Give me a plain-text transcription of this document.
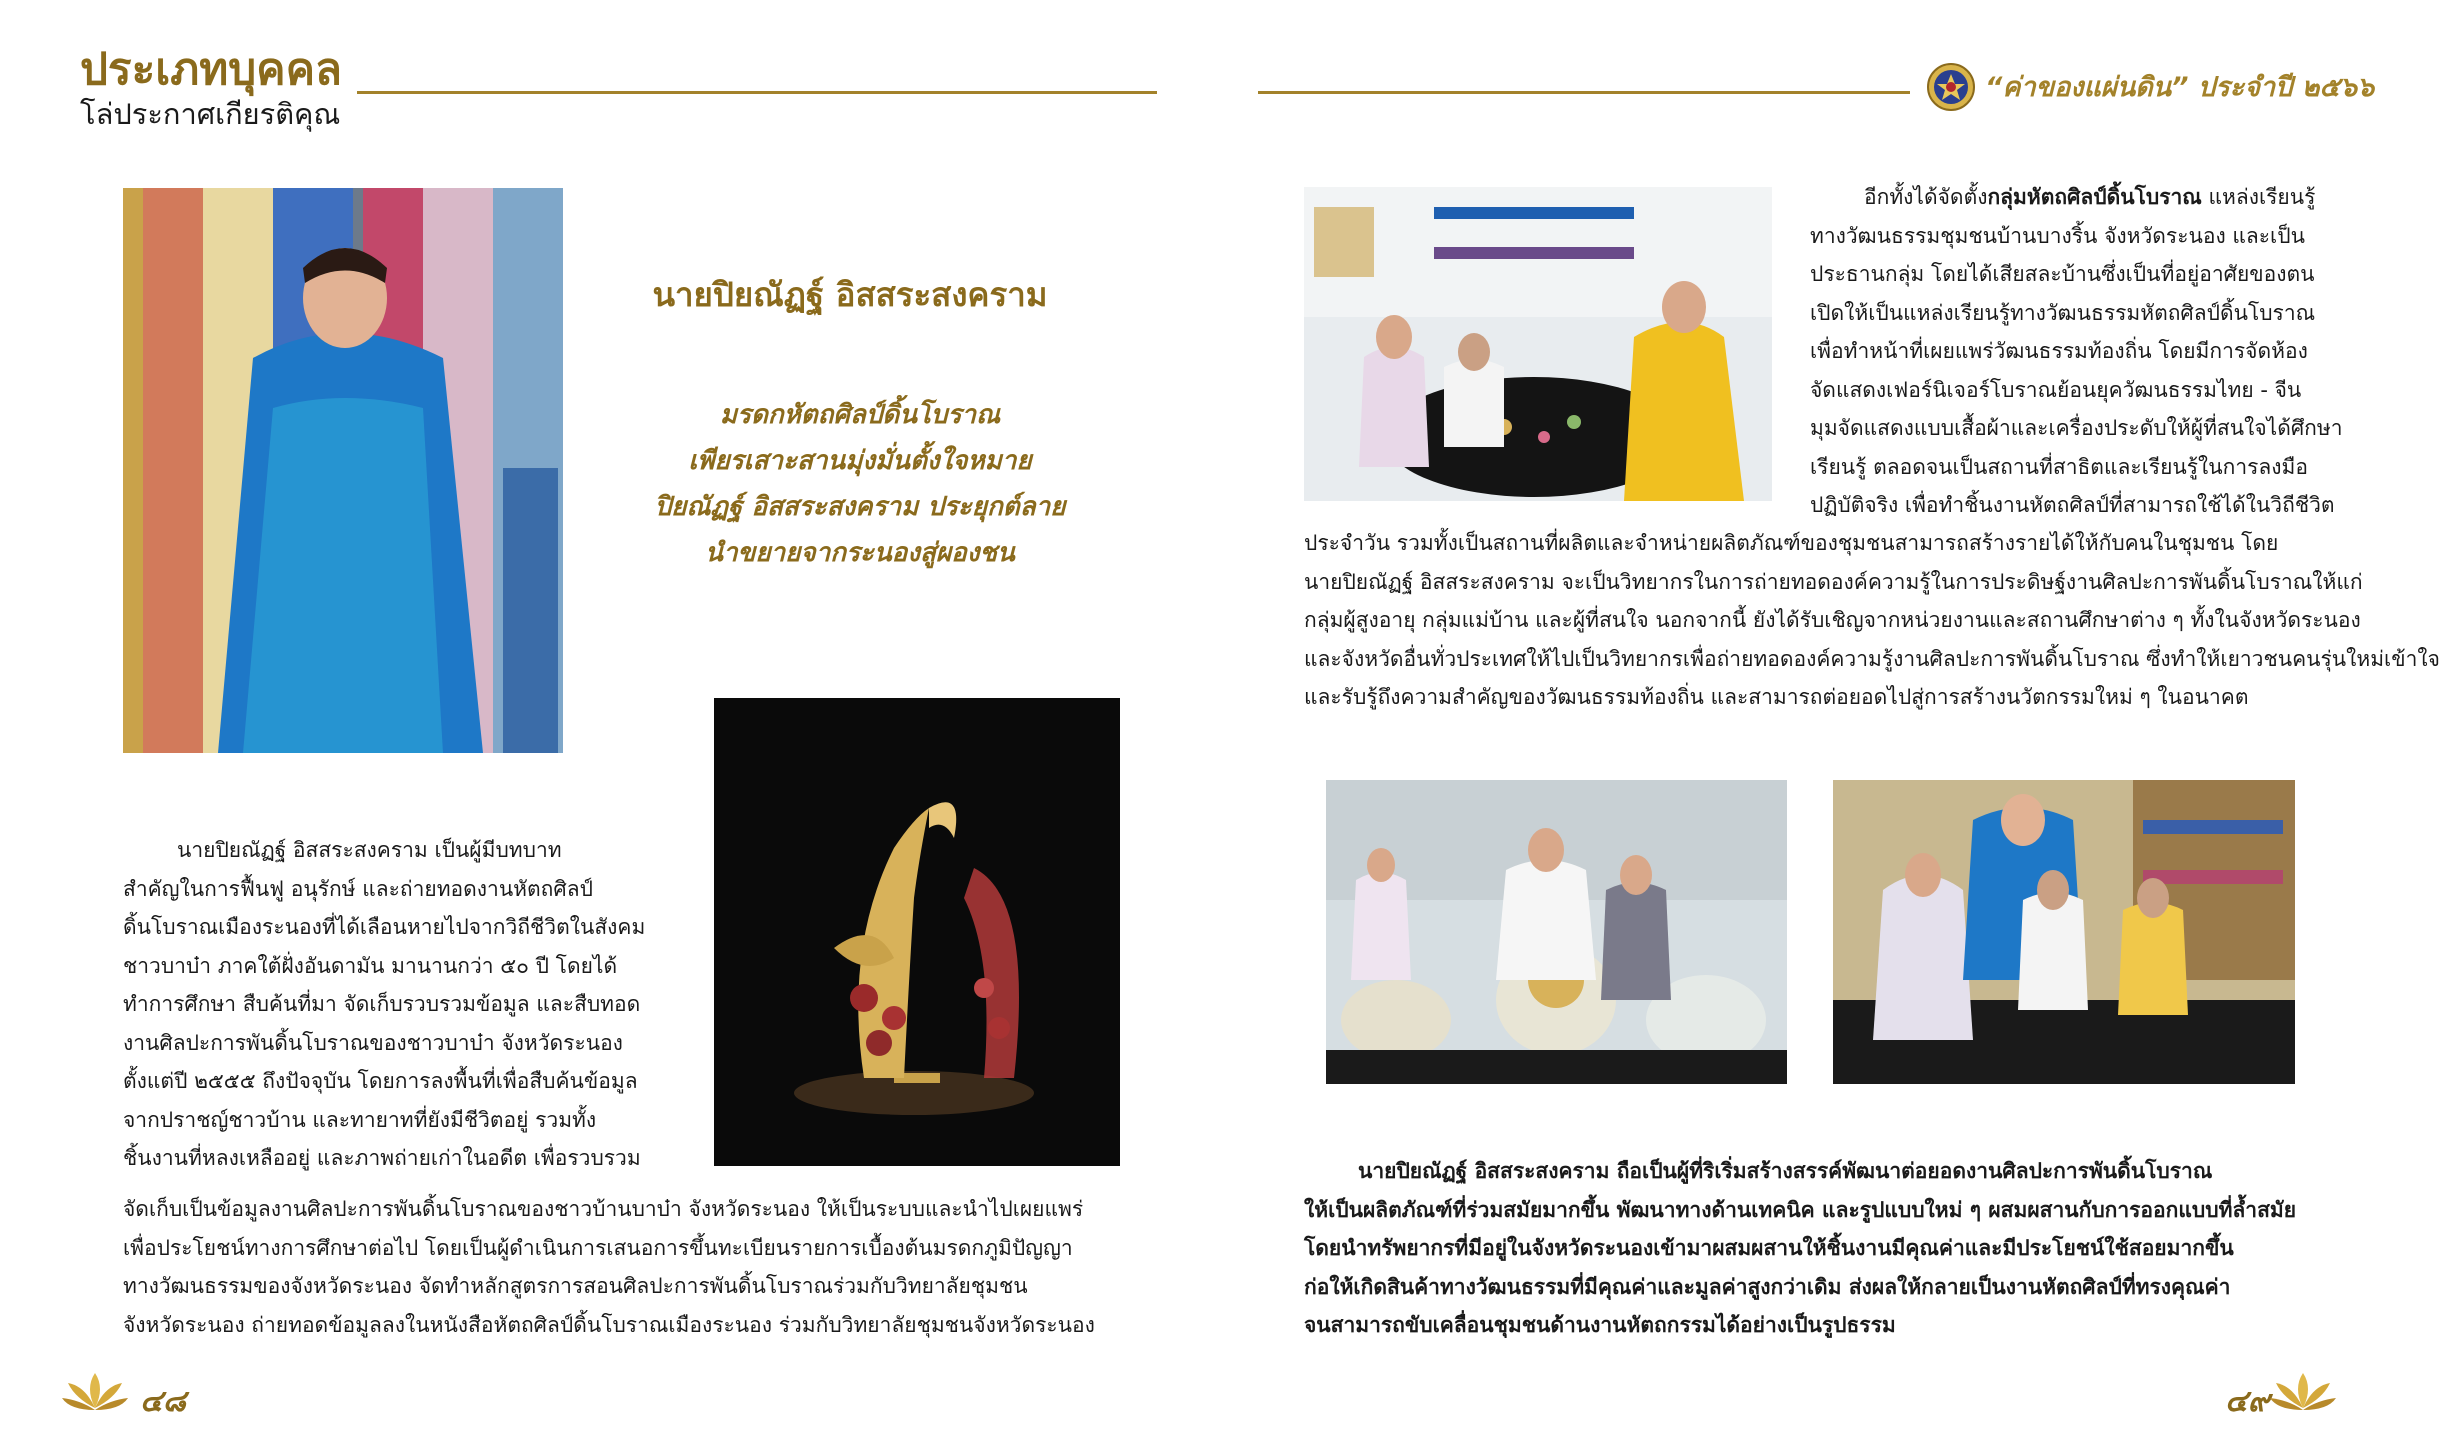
ประเภทบุคคล
โล่ประกาศเกียรติคุณ
“ค่าของแผ่นดิน” ประจำปี ๒๕๖๖
นายปิยณัฏฐ์ อิสสระสงคราม
มรดกหัตถศิลป์ดิ้นโบราณ
เพียรเสาะสานมุ่งมั่นตั้งใจหมาย
ปิยณัฏฐ์ อิสสระสงคราม ประยุกต์ลาย
นำขยายจากระนองสู่ผองชน
นายปิยณัฏฐ์ อิสสระสงคราม เป็นผู้มีบทบาท
สำคัญในการฟื้นฟู อนุรักษ์ และถ่ายทอดงานหัตถศิลป์
ดิ้นโบราณเมืองระนองที่ได้เลือนหายไปจากวิถีชีวิตในสังคม
ชาวบาบ๋า ภาคใต้ฝั่งอันดามัน มานานกว่า ๕๐ ปี โดยได้
ทำการศึกษา สืบค้นที่มา จัดเก็บรวบรวมข้อมูล และสืบทอด
งานศิลปะการพันดิ้นโบราณของชาวบาบ๋า จังหวัดระนอง
ตั้งแต่ปี ๒๕๕๕ ถึงปัจจุบัน โดยการลงพื้นที่เพื่อสืบค้นข้อมูล
จากปราชญ์ชาวบ้าน และทายาทที่ยังมีชีวิตอยู่ รวมทั้ง
ชิ้นงานที่หลงเหลืออยู่ และภาพถ่ายเก่าในอดีต เพื่อรวบรวม
จัดเก็บเป็นข้อมูลงานศิลปะการพันดิ้นโบราณของชาวบ้านบาบ๋า จังหวัดระนอง ให้เป็นระบบและนำไปเผยแพร่
เพื่อประโยชน์ทางการศึกษาต่อไป โดยเป็นผู้ดำเนินการเสนอการขึ้นทะเบียนรายการเบื้องต้นมรดกภูมิปัญญา
ทางวัฒนธรรมของจังหวัดระนอง จัดทำหลักสูตรการสอนศิลปะการพันดิ้นโบราณร่วมกับวิทยาลัยชุมชน
จังหวัดระนอง ถ่ายทอดข้อมูลลงในหนังสือหัตถศิลป์ดิ้นโบราณเมืองระนอง ร่วมกับวิทยาลัยชุมชนจังหวัดระนอง
อีกทั้งได้จัดตั้งกลุ่มหัตถศิลป์ดิ้นโบราณ แหล่งเรียนรู้
ทางวัฒนธรรมชุมชนบ้านบางริ้น จังหวัดระนอง และเป็น
ประธานกลุ่ม โดยได้เสียสละบ้านซึ่งเป็นที่อยู่อาศัยของตน
เปิดให้เป็นแหล่งเรียนรู้ทางวัฒนธรรมหัตถศิลป์ดิ้นโบราณ
เพื่อทำหน้าที่เผยแพร่วัฒนธรรมท้องถิ่น โดยมีการจัดห้อง
จัดแสดงเฟอร์นิเจอร์โบราณย้อนยุควัฒนธรรมไทย - จีน
มุมจัดแสดงแบบเสื้อผ้าและเครื่องประดับให้ผู้ที่สนใจได้ศึกษา
เรียนรู้ ตลอดจนเป็นสถานที่สาธิตและเรียนรู้ในการลงมือ
ปฏิบัติจริง เพื่อทำชิ้นงานหัตถศิลป์ที่สามารถใช้ได้ในวิถีชีวิต
ประจำวัน รวมทั้งเป็นสถานที่ผลิตและจำหน่ายผลิตภัณฑ์ของชุมชนสามารถสร้างรายได้ให้กับคนในชุมชน โดย
นายปิยณัฏฐ์ อิสสระสงคราม จะเป็นวิทยากรในการถ่ายทอดองค์ความรู้ในการประดิษฐ์งานศิลปะการพันดิ้นโบราณให้แก่
กลุ่มผู้สูงอายุ กลุ่มแม่บ้าน และผู้ที่สนใจ นอกจากนี้ ยังได้รับเชิญจากหน่วยงานและสถานศึกษาต่าง ๆ ทั้งในจังหวัดระนอง
และจังหวัดอื่นทั่วประเทศให้ไปเป็นวิทยากรเพื่อถ่ายทอดองค์ความรู้งานศิลปะการพันดิ้นโบราณ ซึ่งทำให้เยาวชนคนรุ่นใหม่เข้าใจ
และรับรู้ถึงความสำคัญของวัฒนธรรมท้องถิ่น และสามารถต่อยอดไปสู่การสร้างนวัตกรรมใหม่ ๆ ในอนาคต
นายปิยณัฏฐ์ อิสสระสงคราม ถือเป็นผู้ที่ริเริ่มสร้างสรรค์พัฒนาต่อยอดงานศิลปะการพันดิ้นโบราณ
ให้เป็นผลิตภัณฑ์ที่ร่วมสมัยมากขึ้น พัฒนาทางด้านเทคนิค และรูปแบบใหม่ ๆ ผสมผสานกับการออกแบบที่ล้ำสมัย
โดยนำทรัพยากรที่มีอยู่ในจังหวัดระนองเข้ามาผสมผสานให้ชิ้นงานมีคุณค่าและมีประโยชน์ใช้สอยมากขึ้น
ก่อให้เกิดสินค้าทางวัฒนธรรมที่มีคุณค่าและมูลค่าสูงกว่าเดิม ส่งผลให้กลายเป็นงานหัตถศิลป์ที่ทรงคุณค่า
จนสามารถขับเคลื่อนชุมชนด้านงานหัตถกรรมได้อย่างเป็นรูปธรรม
๔๘	๔๙
